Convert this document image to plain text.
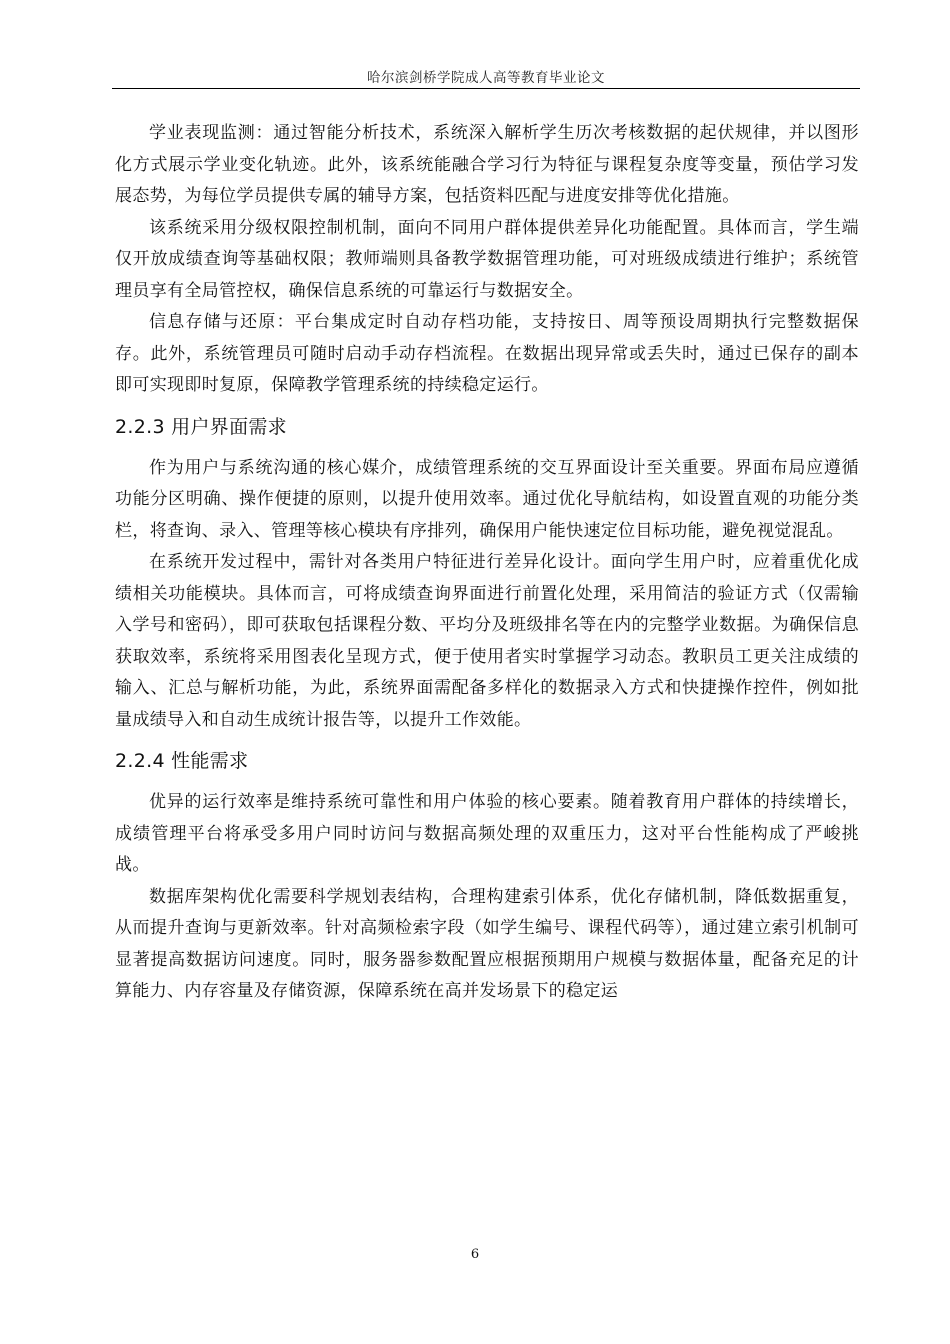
哈尔滨剑桥学院成人高等教育毕业论文

学业表现监测：通过智能分析技术，系统深入解析学生历次考核数据的起伏规律，并以图形化方式展示学业变化轨迹。此外，该系统能融合学习行为特征与课程复杂度等变量，预估学习发展态势，为每位学员提供专属的辅导方案，包括资料匹配与进度安排等优化措施。

该系统采用分级权限控制机制，面向不同用户群体提供差异化功能配置。具体而言，学生端仅开放成绩查询等基础权限；教师端则具备教学数据管理功能，可对班级成绩进行维护；系统管理员享有全局管控权，确保信息系统的可靠运行与数据安全。

信息存储与还原：平台集成定时自动存档功能，支持按日、周等预设周期执行完整数据保存。此外，系统管理员可随时启动手动存档流程。在数据出现异常或丢失时，通过已保存的副本即可实现即时复原，保障教学管理系统的持续稳定运行。

2.2.3 用户界面需求

作为用户与系统沟通的核心媒介，成绩管理系统的交互界面设计至关重要。界面布局应遵循功能分区明确、操作便捷的原则，以提升使用效率。通过优化导航结构，如设置直观的功能分类栏，将查询、录入、管理等核心模块有序排列，确保用户能快速定位目标功能，避免视觉混乱。

在系统开发过程中，需针对各类用户特征进行差异化设计。面向学生用户时，应着重优化成绩相关功能模块。具体而言，可将成绩查询界面进行前置化处理，采用简洁的验证方式（仅需输入学号和密码），即可获取包括课程分数、平均分及班级排名等在内的完整学业数据。为确保信息获取效率，系统将采用图表化呈现方式，便于使用者实时掌握学习动态。教职员工更关注成绩的输入、汇总与解析功能，为此，系统界面需配备多样化的数据录入方式和快捷操作控件，例如批量成绩导入和自动生成统计报告等，以提升工作效能。

2.2.4 性能需求

优异的运行效率是维持系统可靠性和用户体验的核心要素。随着教育用户群体的持续增长，成绩管理平台将承受多用户同时访问与数据高频处理的双重压力，这对平台性能构成了严峻挑战。

数据库架构优化需要科学规划表结构，合理构建索引体系，优化存储机制，降低数据重复，从而提升查询与更新效率。针对高频检索字段（如学生编号、课程代码等），通过建立索引机制可显著提高数据访问速度。同时，服务器参数配置应根据预期用户规模与数据体量，配备充足的计算能力、内存容量及存储资源，保障系统在高并发场景下的稳定运

6
